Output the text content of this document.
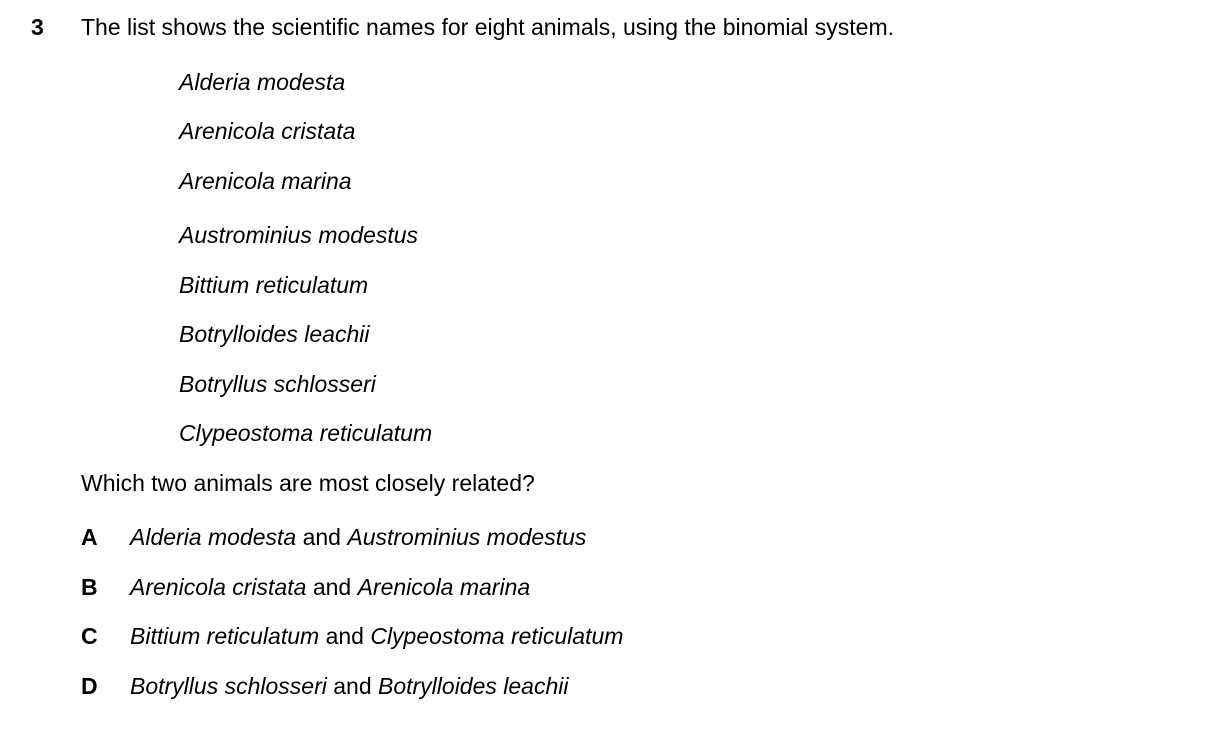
3 The list shows the scientific names for eight animals, using the binomial system.
Alderia modesta
Arenicola cristata
Arenicola marina
Austrominius modestus
Bittium reticulatum
Botrylloides leachii
Botryllus schlosseri
Clypeostoma reticulatum
Which two animals are most closely related?
A Alderia modesta and Austrominius modestus
B Arenicola cristata and Arenicola marina
C Bittium reticulatum and Clypeostoma reticulatum
D Botryllus schlosseri and Botrylloides leachii
